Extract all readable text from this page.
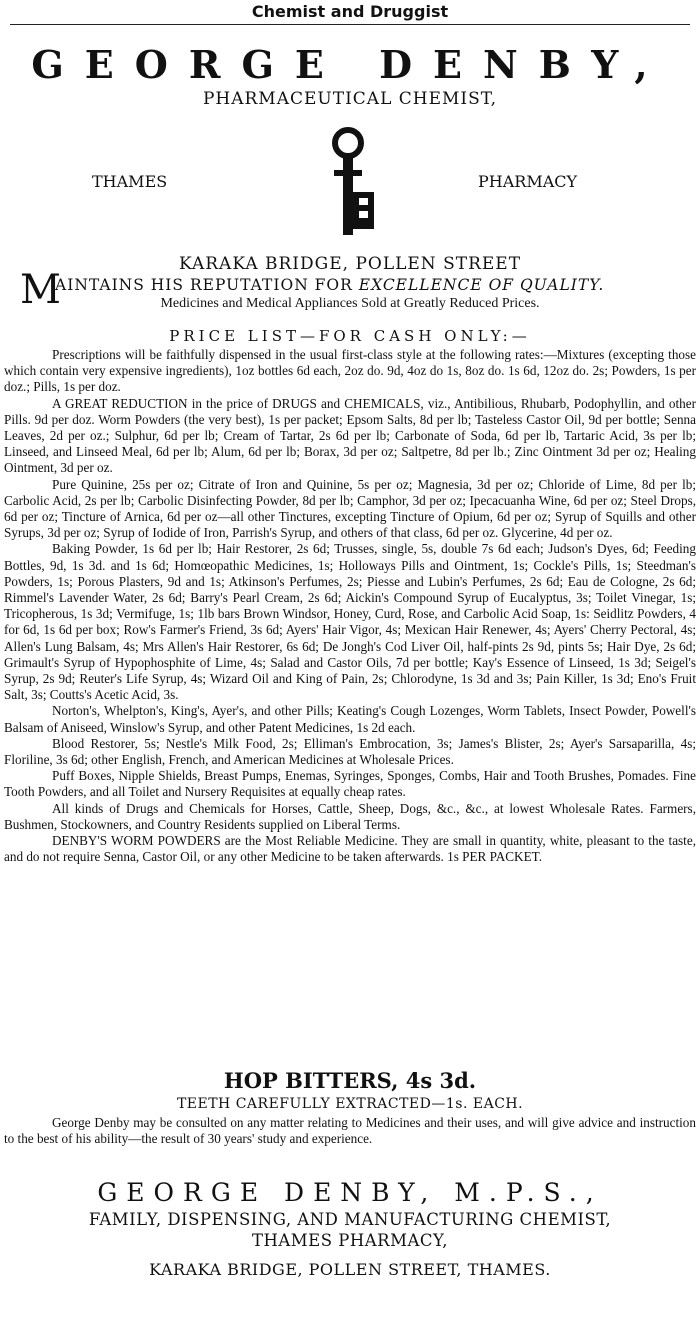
Chemist and Druggist
GEORGE DENBY,
PHARMACEUTICAL CHEMIST,
THAMES	PHARMACY
KARAKA BRIDGE, POLLEN STREET
M
AINTAINS HIS REPUTATION FOR EXCELLENCE OF QUALITY.
Medicines and Medical Appliances Sold at Greatly Reduced Prices.
PRICE LIST—FOR CASH ONLY:—

Prescriptions will be faithfully dispensed in the usual first-class style at the following rates:—Mixtures (excepting those which contain very expensive ingredients), 1oz bottles 6d each, 2oz do. 9d, 4oz do 1s, 8oz do. 1s 6d, 12oz do. 2s; Powders, 1s per doz.; Pills, 1s per doz.

A GREAT REDUCTION in the price of DRUGS and CHEMICALS, viz., Antibilious, Rhubarb, Podophyllin, and other Pills. 9d per doz. Worm Powders (the very best), 1s per packet; Epsom Salts, 8d per lb; Tasteless Castor Oil, 9d per bottle; Senna Leaves, 2d per oz.; Sulphur, 6d per lb; Cream of Tartar, 2s 6d per lb; Carbonate of Soda, 6d per lb, Tartaric Acid, 3s per lb; Linseed, and Linseed Meal, 6d per lb; Alum, 6d per lb; Borax, 3d per oz; Saltpetre, 8d per lb.; Zinc Ointment 3d per oz; Healing Ointment, 3d per oz.

Pure Quinine, 25s per oz; Citrate of Iron and Quinine, 5s per oz; Magnesia, 3d per oz; Chloride of Lime, 8d per lb; Carbolic Acid, 2s per lb; Carbolic Disinfecting Powder, 8d per lb; Camphor, 3d per oz; Ipecacuanha Wine, 6d per oz; Steel Drops, 6d per oz; Tincture of Arnica, 6d per oz—all other Tinctures, excepting Tincture of Opium, 6d per oz; Syrup of Squills and other Syrups, 3d per oz; Syrup of Iodide of Iron, Parrish's Syrup, and others of that class, 6d per oz. Glycerine, 4d per oz.

Baking Powder, 1s 6d per lb; Hair Restorer, 2s 6d; Trusses, single, 5s, double 7s 6d each; Judson's Dyes, 6d; Feeding Bottles, 9d, 1s 3d. and 1s 6d; Homœopathic Medicines, 1s; Holloways Pills and Ointment, 1s; Cockle's Pills, 1s; Steedman's Powders, 1s; Porous Plasters, 9d and 1s; Atkinson's Perfumes, 2s; Piesse and Lubin's Perfumes, 2s 6d; Eau de Cologne, 2s 6d; Rimmel's Lavender Water, 2s 6d; Barry's Pearl Cream, 2s 6d; Aickin's Compound Syrup of Eucalyptus, 3s; Toilet Vinegar, 1s; Tricopherous, 1s 3d; Vermifuge, 1s; 1lb bars Brown Windsor, Honey, Curd, Rose, and Carbolic Acid Soap, 1s: Seidlitz Powders, 4 for 6d, 1s 6d per box; Row's Farmer's Friend, 3s 6d; Ayers' Hair Vigor, 4s; Mexican Hair Renewer, 4s; Ayers' Cherry Pectoral, 4s; Allen's Lung Balsam, 4s; Mrs Allen's Hair Restorer, 6s 6d; De Jongh's Cod Liver Oil, half-pints 2s 9d, pints 5s; Hair Dye, 2s 6d; Grimault's Syrup of Hypophosphite of Lime, 4s; Salad and Castor Oils, 7d per bottle; Kay's Essence of Linseed, 1s 3d; Seigel's Syrup, 2s 9d; Reuter's Life Syrup, 4s; Wizard Oil and King of Pain, 2s; Chlorodyne, 1s 3d and 3s; Pain Killer, 1s 3d; Eno's Fruit Salt, 3s; Coutts's Acetic Acid, 3s.

Norton's, Whelpton's, King's, Ayer's, and other Pills; Keating's Cough Lozenges, Worm Tablets, Insect Powder, Powell's Balsam of Aniseed, Winslow's Syrup, and other Patent Medicines, 1s 2d each.

Blood Restorer, 5s; Nestle's Milk Food, 2s; Elliman's Embrocation, 3s; James's Blister, 2s; Ayer's Sarsaparilla, 4s; Floriline, 3s 6d; other English, French, and American Medicines at Wholesale Prices.

Puff Boxes, Nipple Shields, Breast Pumps, Enemas, Syringes, Sponges, Combs, Hair and Tooth Brushes, Pomades. Fine Tooth Powders, and all Toilet and Nursery Requisites at equally cheap rates.

All kinds of Drugs and Chemicals for Horses, Cattle, Sheep, Dogs, &c., &c., at lowest Wholesale Rates. Farmers, Bushmen, Stockowners, and Country Residents supplied on Liberal Terms.

DENBY'S WORM POWDERS are the Most Reliable Medicine. They are small in quantity, white, pleasant to the taste, and do not require Senna, Castor Oil, or any other Medicine to be taken afterwards. 1s PER PACKET.

HOP BITTERS, 4s 3d.
TEETH CAREFULLY EXTRACTED—1s. EACH.
George Denby may be consulted on any matter relating to Medicines and their uses, and will give advice and instruction to the best of his ability—the result of 30 years' study and experience.
GEORGE DENBY, M.P.S.,
FAMILY, DISPENSING, AND MANUFACTURING CHEMIST,
THAMES PHARMACY,
KARAKA BRIDGE, POLLEN STREET, THAMES.
